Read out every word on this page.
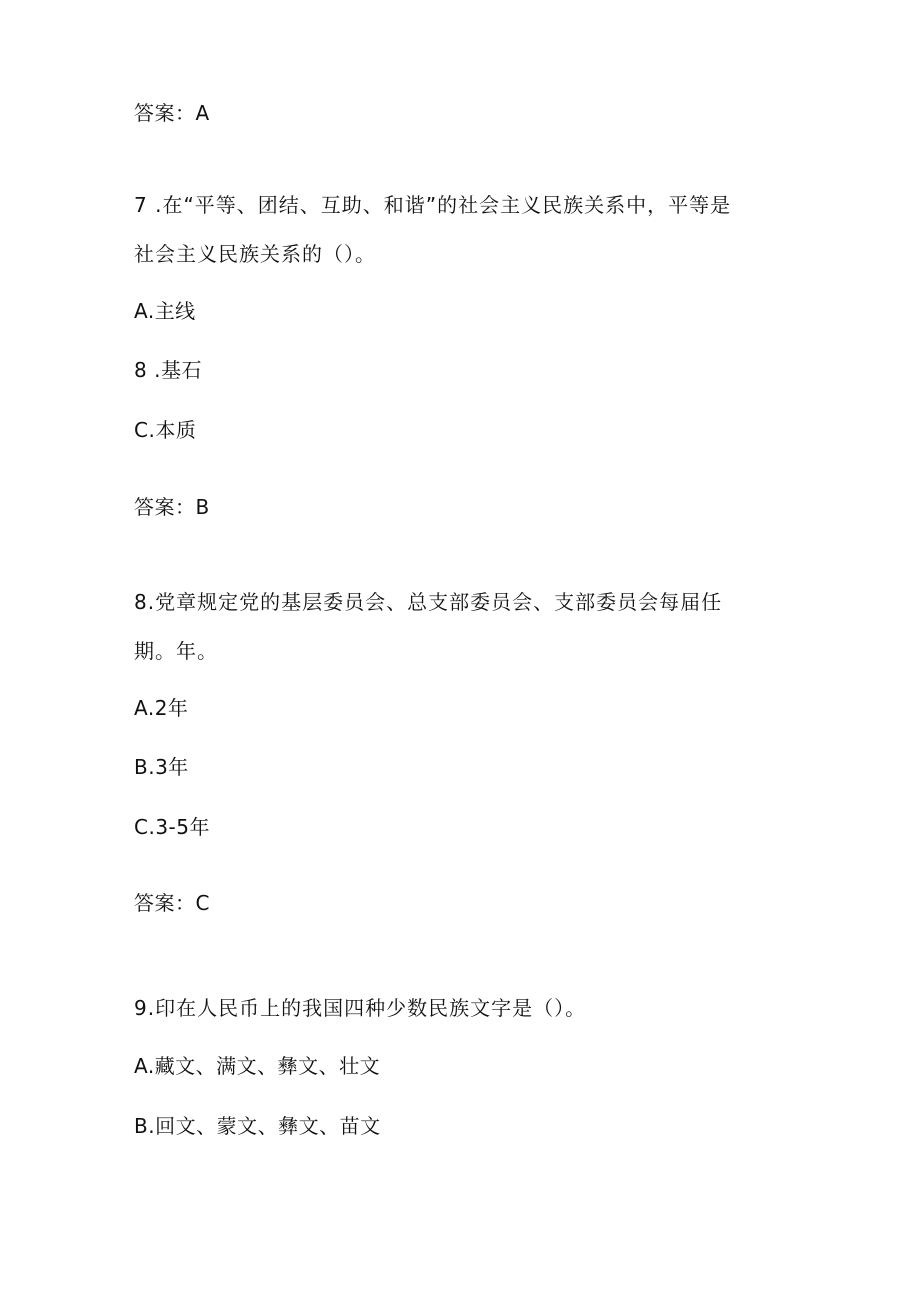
答案：A
7 .在“平等、团结、互助、和谐”的社会主义民族关系中，平等是
社会主义民族关系的（）。
A.主线
8 .基石
C.本质
答案：B
8.党章规定党的基层委员会、总支部委员会、支部委员会每届任
期。年。
A.2年
B.3年
C.3-5年
答案：C
9.印在人民币上的我国四种少数民族文字是（）。
A.藏文、满文、彝文、壮文
B.回文、蒙文、彝文、苗文
